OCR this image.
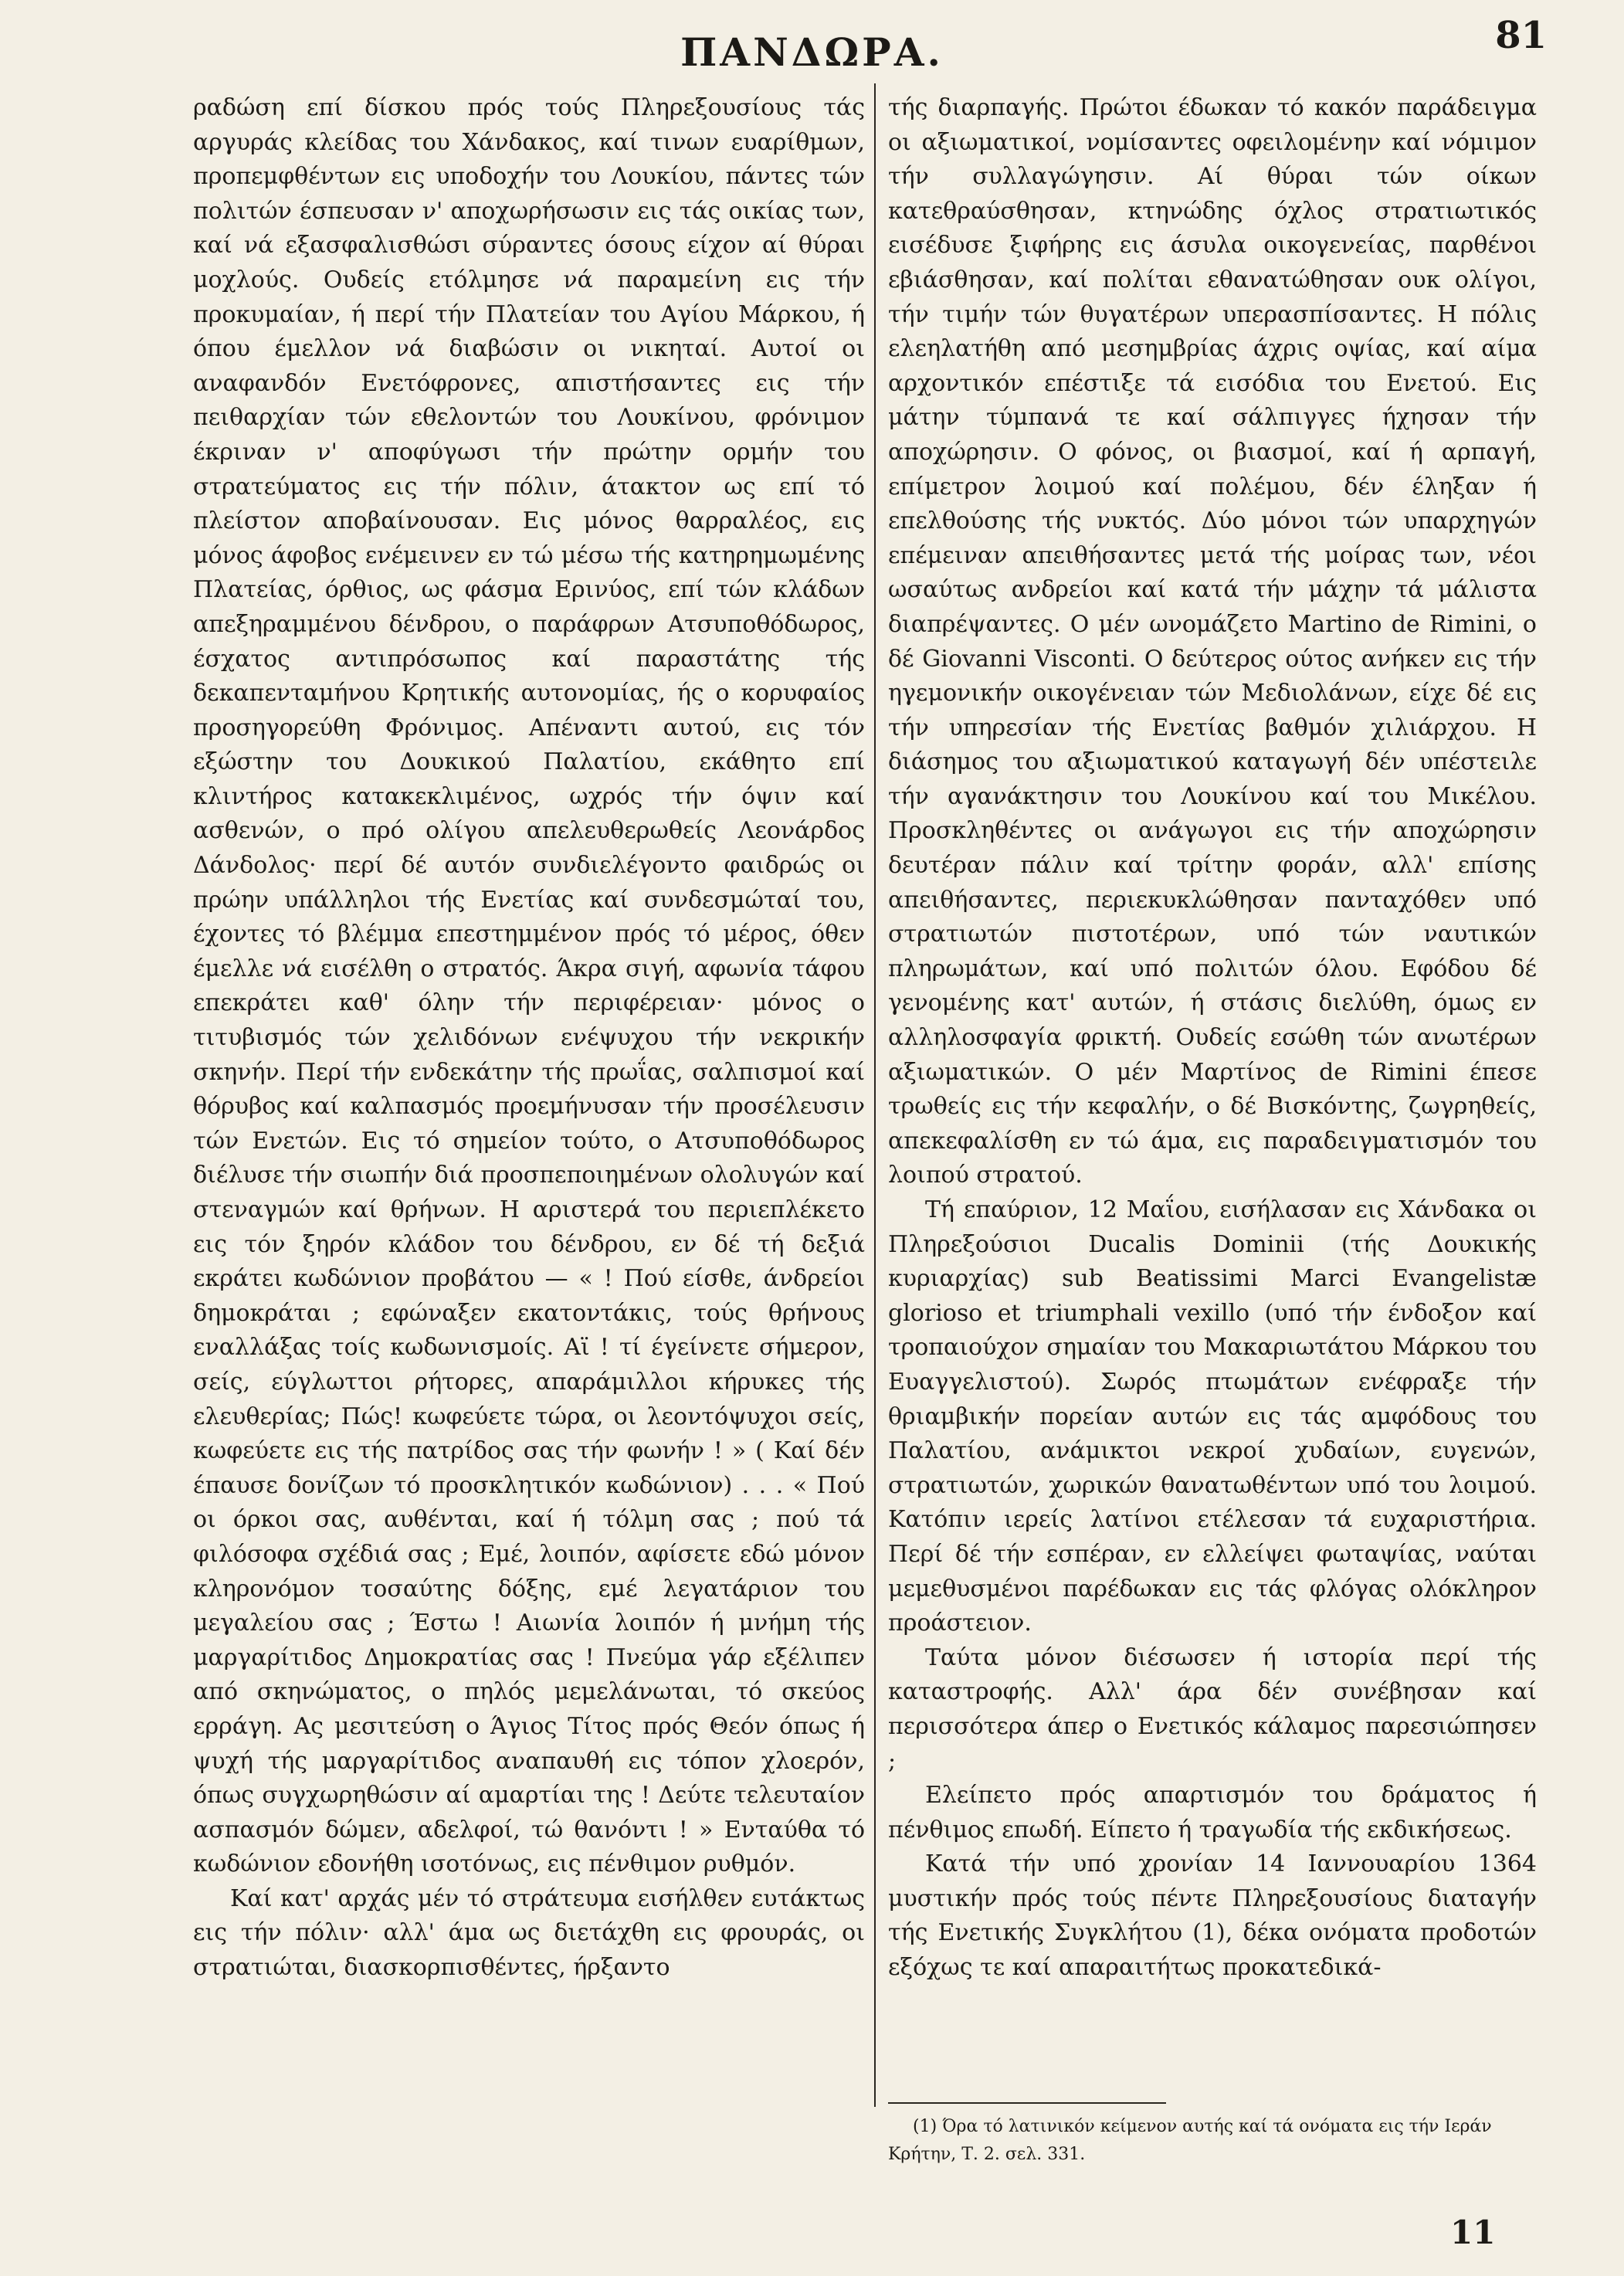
ΠΑΝΔΩΡΑ.	81

ραδώση επί δίσκου πρός τούς Πληρεξουσίους τάς αργυράς κλείδας του Χάνδακος, καί τινων ευαρίθμων, προπεμφθέντων εις υποδοχήν του Λουκίου, πάντες τών πολιτών έσπευσαν ν' αποχωρήσωσιν εις τάς οικίας των, καί νά εξασφαλισθώσι σύραντες όσους είχον αί θύραι μοχλούς. Ουδείς ετόλμησε νά παραμείνη εις τήν προκυμαίαν, ή περί τήν Πλατείαν του Αγίου Μάρκου, ή όπου έμελλον νά διαβώσιν οι νικηταί. Αυτοί οι αναφανδόν Ενετόφρονες, απιστήσαντες εις τήν πειθαρχίαν τών εθελοντών του Λουκίνου, φρόνιμον έκριναν ν' αποφύγωσι τήν πρώτην ορμήν του στρατεύματος εις τήν πόλιν, άτακτον ως επί τό πλείστον αποβαίνουσαν. Εις μόνος θαρραλέος, εις μόνος άφοβος ενέμεινεν εν τώ μέσω τής κατηρημωμένης Πλατείας, όρθιος, ως φάσμα Ερινύος, επί τών κλάδων απεξηραμμένου δένδρου, ο παράφρων Ατσυποθόδωρος, έσχατος αντιπρόσωπος καί παραστάτης τής δεκαπενταμήνου Κρητικής αυτονομίας, ής ο κορυφαίος προσηγορεύθη Φρόνιμος. Απέναντι αυτού, εις τόν εξώστην του Δουκικού Παλατίου, εκάθητο επί κλιντήρος κατακεκλιμένος, ωχρός τήν όψιν καί ασθενών, ο πρό ολίγου απελευθερωθείς Λεονάρδος Δάνδολος· περί δέ αυτόν συνδιελέγοντο φαιδρώς οι πρώην υπάλληλοι τής Ενετίας καί συνδεσμώταί του, έχοντες τό βλέμμα επεστημμένον πρός τό μέρος, όθεν έμελλε νά εισέλθη ο στρατός. Άκρα σιγή, αφωνία τάφου επεκράτει καθ' όλην τήν περιφέρειαν· μόνος ο τιτυβισμός τών χελιδόνων ενέψυχου τήν νεκρικήν σκηνήν. Περί τήν ενδεκάτην τής πρωΐας, σαλπισμοί καί θόρυβος καί καλπασμός προεμήνυσαν τήν προσέλευσιν τών Ενετών. Εις τό σημείον τούτο, ο Ατσυποθόδωρος διέλυσε τήν σιωπήν διά προσπεποιημένων ολολυγών καί στεναγμών καί θρήνων. Η αριστερά του περιεπλέκετο εις τόν ξηρόν κλάδον του δένδρου, εν δέ τή δεξιά εκράτει κωδώνιον προβάτου — « ! Πού είσθε, άνδρείοι δημοκράται ; εφώναξεν εκατοντάκις, τούς θρήνους εναλλάξας τοίς κωδωνισμοίς. Αϊ ! τί έγείνετε σήμερον, σείς, εύγλωττοι ρήτορες, απαράμιλλοι κήρυκες τής ελευθερίας; Πώς! κωφεύετε τώρα, οι λεοντόψυχοι σείς, κωφεύετε εις τής πατρίδος σας τήν φωνήν ! » ( Καί δέν έπαυσε δονίζων τό προσκλητικόν κωδώνιον) . . . « Πού οι όρκοι σας, αυθένται, καί ή τόλμη σας ; πού τά φιλόσοφα σχέδιά σας ; Εμέ, λοιπόν, αφίσετε εδώ μόνον κληρονόμον τοσαύτης δόξης, εμέ λεγατάριον του μεγαλείου σας ; Έστω ! Αιωνία λοιπόν ή μνήμη τής μαργαρίτιδος Δημοκρατίας σας ! Πνεύμα γάρ εξέλιπεν από σκηνώματος, ο πηλός μεμελάνωται, τό σκεύος ερράγη. Ας μεσιτεύση ο Άγιος Τίτος πρός Θεόν όπως ή ψυχή τής μαργαρίτιδος αναπαυθή εις τόπον χλοερόν, όπως συγχωρηθώσιν αί αμαρτίαι της ! Δεύτε τελευταίον ασπασμόν δώμεν, αδελφοί, τώ θανόντι ! » Ενταύθα τό κωδώνιον εδονήθη ισοτόνως, εις πένθιμον ρυθμόν.

Καί κατ' αρχάς μέν τό στράτευμα εισήλθεν ευτάκτως εις τήν πόλιν· αλλ' άμα ως διετάχθη εις φρουράς, οι στρατιώται, διασκορπισθέντες, ήρξαντο

τής διαρπαγής. Πρώτοι έδωκαν τό κακόν παράδειγμα οι αξιωματικοί, νομίσαντες οφειλομένην καί νόμιμον τήν συλλαγώγησιν. Αί θύραι τών οίκων κατεθραύσθησαν, κτηνώδης όχλος στρατιωτικός εισέδυσε ξιφήρης εις άσυλα οικογενείας, παρθένοι εβιάσθησαν, καί πολίται εθανατώθησαν ουκ ολίγοι, τήν τιμήν τών θυγατέρων υπερασπίσαντες. Η πόλις ελεηλατήθη από μεσημβρίας άχρις οψίας, καί αίμα αρχοντικόν επέστιξε τά εισόδια του Ενετού. Εις μάτην τύμπανά τε καί σάλπιγγες ήχησαν τήν αποχώρησιν. Ο φόνος, οι βιασμοί, καί ή αρπαγή, επίμετρον λοιμού καί πολέμου, δέν έληξαν ή επελθούσης τής νυκτός. Δύο μόνοι τών υπαρχηγών επέμειναν απειθήσαντες μετά τής μοίρας των, νέοι ωσαύτως ανδρείοι καί κατά τήν μάχην τά μάλιστα διαπρέψαντες. Ο μέν ωνομάζετο Martino de Rimini, ο δέ Giovanni Visconti. Ο δεύτερος ούτος ανήκεν εις τήν ηγεμονικήν οικογένειαν τών Μεδιολάνων, είχε δέ εις τήν υπηρεσίαν τής Ενετίας βαθμόν χιλιάρχου. Η διάσημος του αξιωματικού καταγωγή δέν υπέστειλε τήν αγανάκτησιν του Λουκίνου καί του Μικέλου. Προσκληθέντες οι ανάγωγοι εις τήν αποχώρησιν δευτέραν πάλιν καί τρίτην φοράν, αλλ' επίσης απειθήσαντες, περιεκυκλώθησαν πανταχόθεν υπό στρατιωτών πιστοτέρων, υπό τών ναυτικών πληρωμάτων, καί υπό πολιτών όλου. Εφόδου δέ γενομένης κατ' αυτών, ή στάσις διελύθη, όμως εν αλληλοσφαγία φρικτή. Ουδείς εσώθη τών ανωτέρων αξιωματικών. Ο μέν Μαρτίνος de Rimini έπεσε τρωθείς εις τήν κεφαλήν, ο δέ Βισκόντης, ζωγρηθείς, απεκεφαλίσθη εν τώ άμα, εις παραδειγματισμόν του λοιπού στρατού.

Τή επαύριον, 12 Μαΐου, εισήλασαν εις Χάνδακα οι Πληρεξούσιοι Ducalis Dominii (τής Δουκικής κυριαρχίας) sub Beatissimi Marci Evangelistæ glorioso et triumphali vexillo (υπό τήν ένδοξον καί τροπαιούχον σημαίαν του Μακαριωτάτου Μάρκου του Ευαγγελιστού). Σωρός πτωμάτων ενέφραξε τήν θριαμβικήν πορείαν αυτών εις τάς αμφόδους του Παλατίου, ανάμικτοι νεκροί χυδαίων, ευγενών, στρατιωτών, χωρικών θανατωθέντων υπό του λοιμού. Κατόπιν ιερείς λατίνοι ετέλεσαν τά ευχαριστήρια. Περί δέ τήν εσπέραν, εν ελλείψει φωταψίας, ναύται μεμεθυσμένοι παρέδωκαν εις τάς φλόγας ολόκληρον προάστειον.

Ταύτα μόνον διέσωσεν ή ιστορία περί τής καταστροφής. Αλλ' άρα δέν συνέβησαν καί περισσότερα άπερ ο Ενετικός κάλαμος παρεσιώπησεν ;

Ελείπετο πρός απαρτισμόν του δράματος ή πένθιμος επωδή. Είπετο ή τραγωδία τής εκδικήσεως.

Κατά τήν υπό χρονίαν 14 Ιαννουαρίου 1364 μυστικήν πρός τούς πέντε Πληρεξουσίους διαταγήν τής Ενετικής Συγκλήτου (1), δέκα ονόματα προδοτών εξόχως τε καί απαραιτήτως προκατεδικά-

(1) Όρα τό λατινικόν κείμενον αυτής καί τά ονόματα εις τήν Ιεράν Κρήτην, Τ. 2. σελ. 331.
11
